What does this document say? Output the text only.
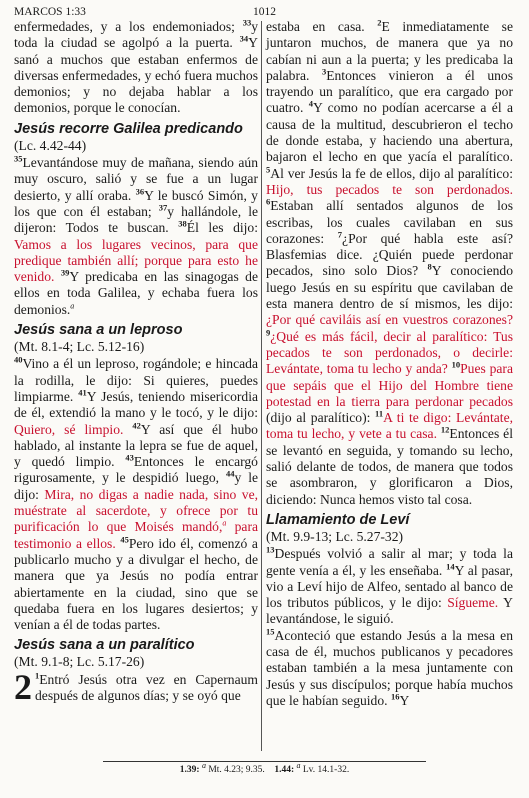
MARCOS 1:33	1012

enfermedades, y a los endemoniados; $^{33}$y toda la ciudad se agolpó a la puerta. $^{34}$Y sanó a muchos que estaban enfermos de diversas enfermedades, y echó fuera muchos demonios; y no dejaba hablar a los demonios, porque le conocían.

Jesús recorre Galilea predicando
(Lc. 4.42-44)

$^{35}$Levantándose muy de mañana, siendo aún muy oscuro, salió y se fue a un lugar desierto, y allí oraba. $^{36}$Y le buscó Simón, y los que con él estaban; $^{37}$y hallándole, le dijeron: Todos te buscan. $^{38}$Él les dijo: Vamos a los lugares vecinos, para que predique también allí; porque para esto he venido. $^{39}$Y predicaba en las sinagogas de ellos en toda Galilea, y echaba fuera los demonios.$^a$

Jesús sana a un leproso
(Mt. 8.1-4; Lc. 5.12-16)

$^{40}$Vino a él un leproso, rogándole; e hincada la rodilla, le dijo: Si quieres, puedes limpiarme. $^{41}$Y Jesús, teniendo misericordia de él, extendió la mano y le tocó, y le dijo: Quiero, sé limpio. $^{42}$Y así que él hubo hablado, al instante la lepra se fue de aquel, y quedó limpio. $^{43}$Entonces le encargó rigurosamente, y le despidió luego, $^{44}$y le dijo: Mira, no digas a nadie nada, sino ve, muéstrate al sacerdote, y ofrece por tu purificación lo que Moisés mandó,$^a$ para testimonio a ellos. $^{45}$Pero ido él, comenzó a publicarlo mucho y a divulgar el hecho, de manera que ya Jesús no podía entrar abiertamente en la ciudad, sino que se quedaba fuera en los lugares desiertos; y venían a él de todas partes.

Jesús sana a un paralítico
(Mt. 9.1-8; Lc. 5.17-26)

2 $^1$Entró Jesús otra vez en Capernaum después de algunos días; y se oyó que

estaba en casa. $^2$E inmediatamente se juntaron muchos, de manera que ya no cabían ni aun a la puerta; y les predicaba la palabra. $^3$Entonces vinieron a él unos trayendo un paralítico, que era cargado por cuatro. $^4$Y como no podían acercarse a él a causa de la multitud, descubrieron el techo de donde estaba, y haciendo una abertura, bajaron el lecho en que yacía el paralítico. $^5$Al ver Jesús la fe de ellos, dijo al paralítico: Hijo, tus pecados te son perdonados. $^6$Estaban allí sentados algunos de los escribas, los cuales cavilaban en sus corazones: $^7$¿Por qué habla este así? Blasfemias dice. ¿Quién puede perdonar pecados, sino solo Dios? $^8$Y conociendo luego Jesús en su espíritu que cavilaban de esta manera dentro de sí mismos, les dijo: ¿Por qué caviláis así en vuestros corazones? $^9$¿Qué es más fácil, decir al paralítico: Tus pecados te son perdonados, o decirle: Levántate, toma tu lecho y anda? $^{10}$Pues para que sepáis que el Hijo del Hombre tiene potestad en la tierra para perdonar pecados (dijo al paralítico): $^{11}$A ti te digo: Levántate, toma tu lecho, y vete a tu casa. $^{12}$Entonces él se levantó en seguida, y tomando su lecho, salió delante de todos, de manera que todos se asombraron, y glorificaron a Dios, diciendo: Nunca hemos visto tal cosa.

Llamamiento de Leví
(Mt. 9.9-13; Lc. 5.27-32)

$^{13}$Después volvió a salir al mar; y toda la gente venía a él, y les enseñaba. $^{14}$Y al pasar, vio a Leví hijo de Alfeo, sentado al banco de los tributos públicos, y le dijo: Sígueme. Y levantándose, le siguió.

$^{15}$Aconteció que estando Jesús a la mesa en casa de él, muchos publicanos y pecadores estaban también a la mesa juntamente con Jesús y sus discípulos; porque había muchos que le habían seguido. $^{16}$Y

1.39: $^a$ Mt. 4.23; 9.35. 1.44: $^a$ Lv. 14.1-32.
